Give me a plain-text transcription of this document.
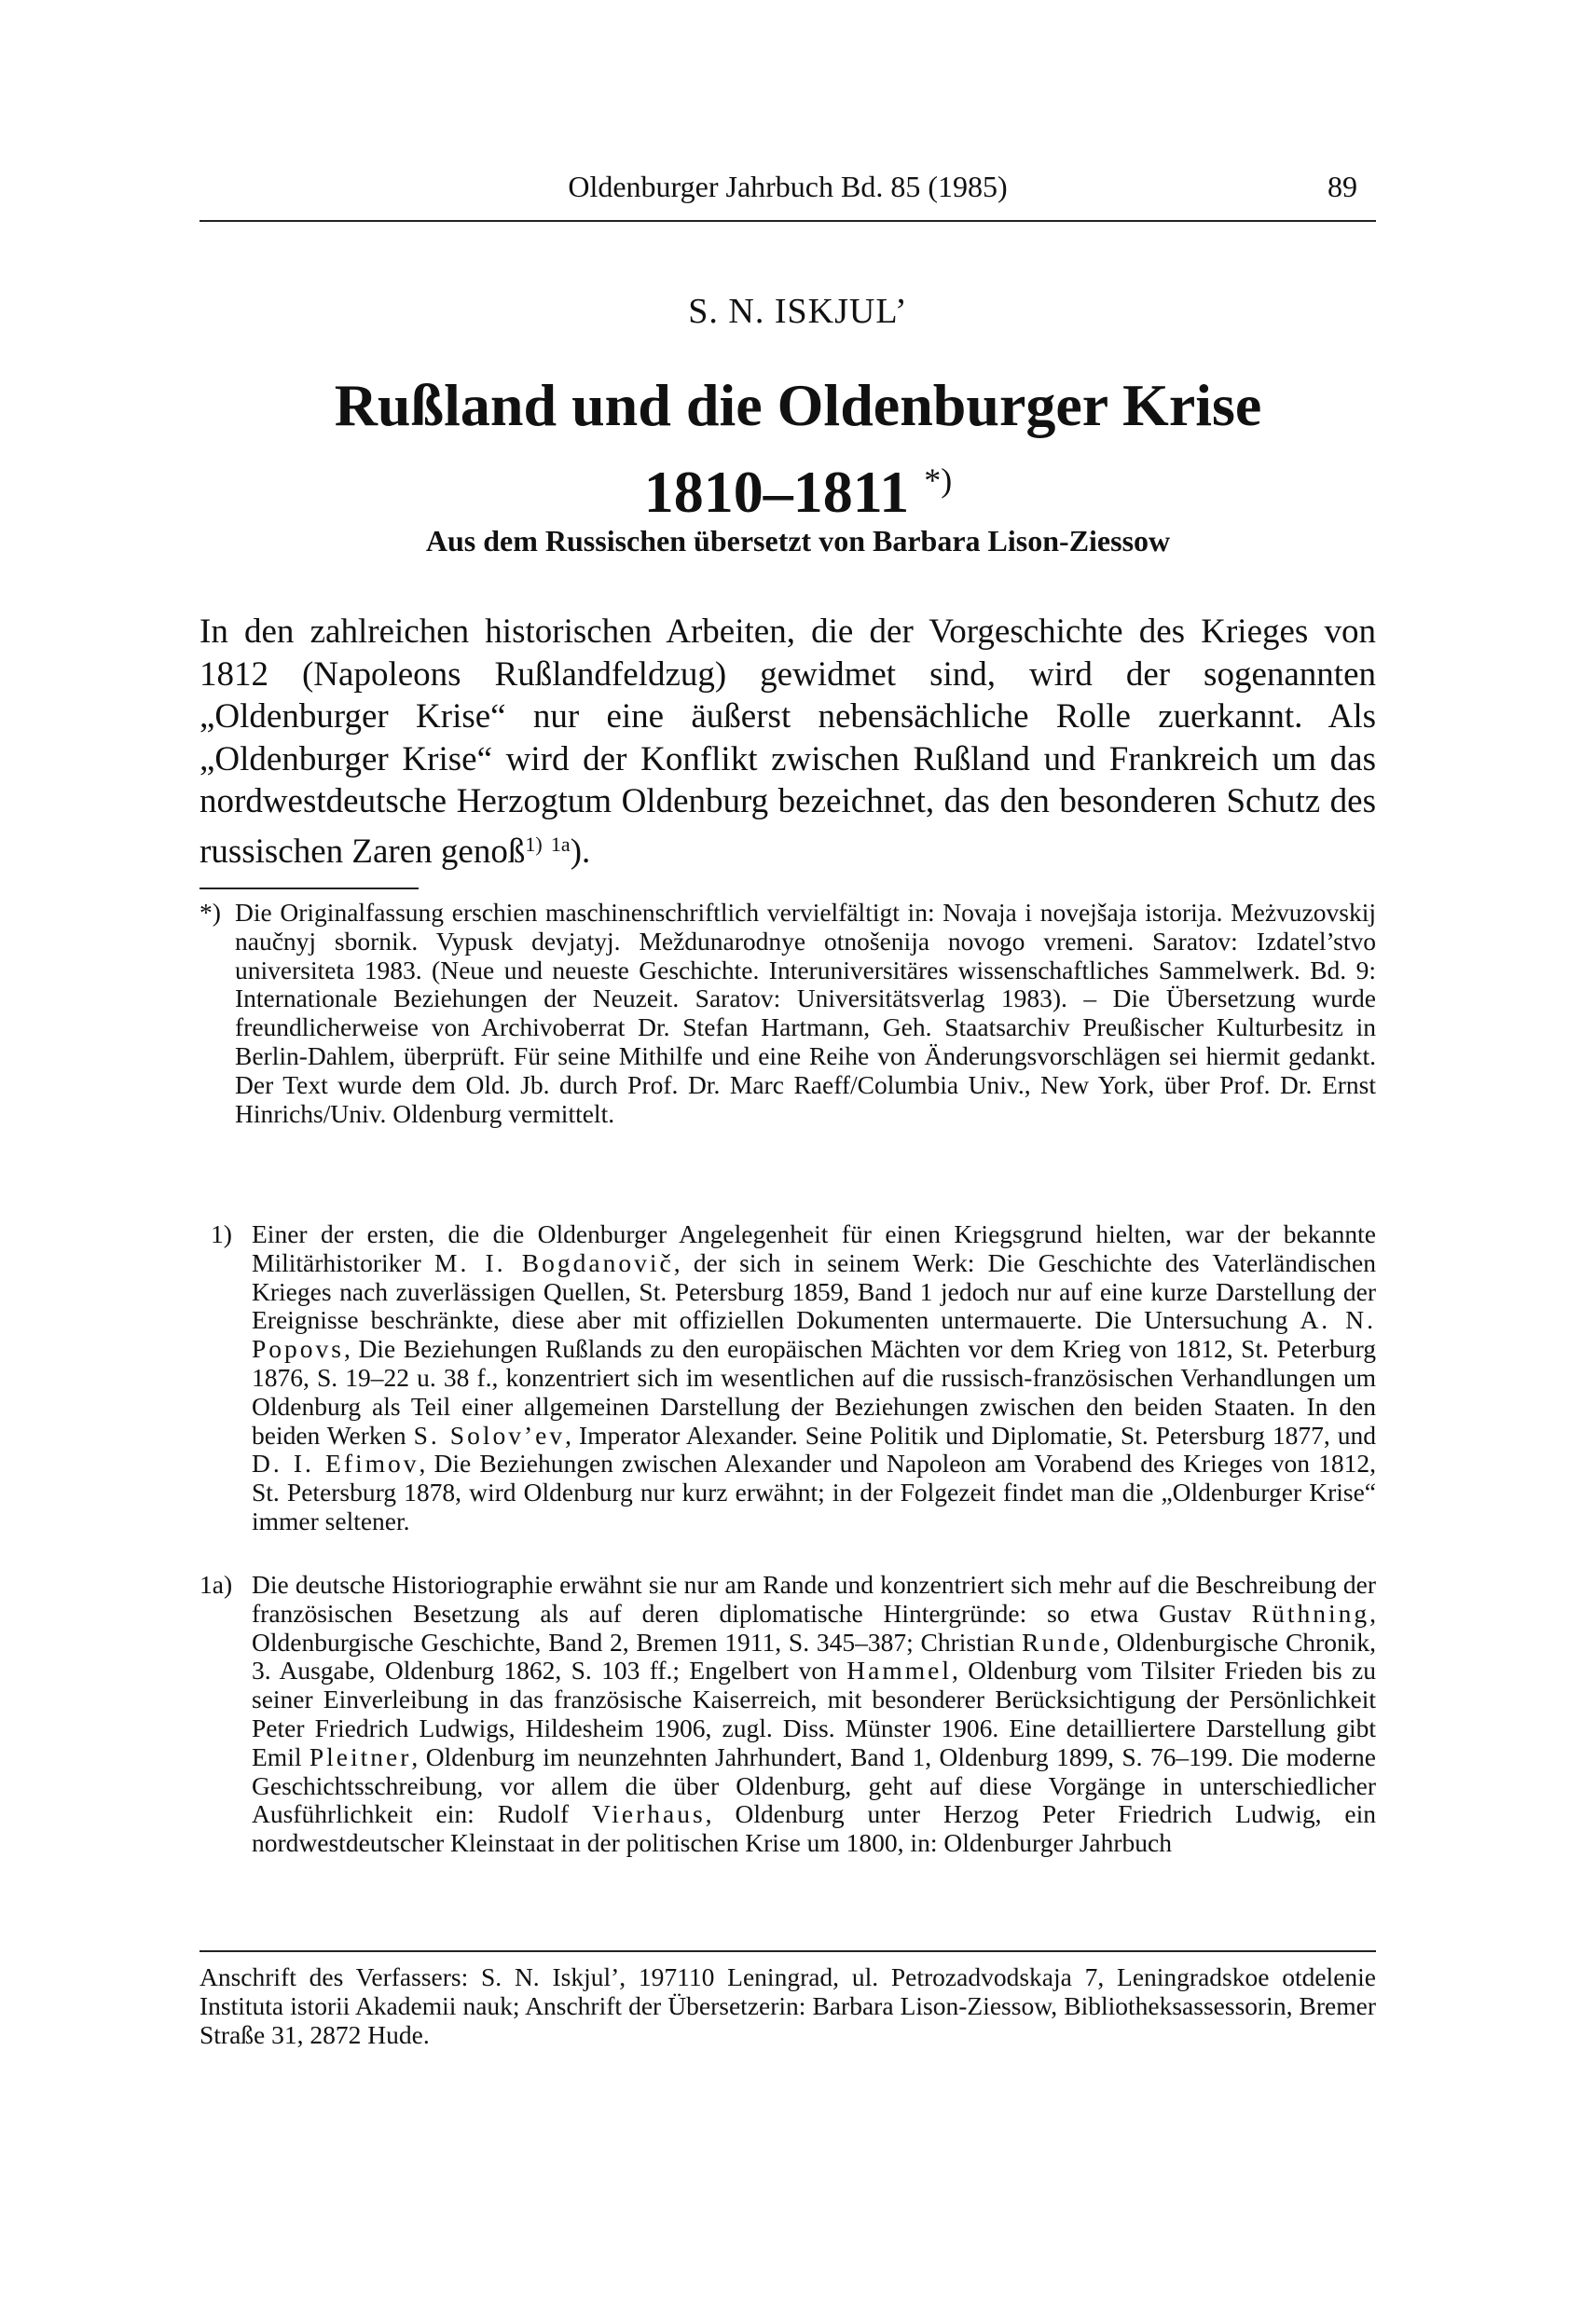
Oldenburger Jahrbuch Bd. 85 (1985)	89
S. N. ISKJUL’
Rußland und die Oldenburger Krise
1810–1811 *)
Aus dem Russischen übersetzt von Barbara Lison-Ziessow

In den zahlreichen historischen Arbeiten, die der Vorgeschichte des Krieges von 1812 (Napoleons Rußlandfeldzug) gewidmet sind, wird der sogenannten „Oldenburger Krise“ nur eine äußerst nebensächliche Rolle zuerkannt. Als „Oldenburger Krise“ wird der Konflikt zwischen Rußland und Frankreich um das nordwestdeutsche Herzogtum Oldenburg bezeichnet, das den besonderen Schutz des russischen Zaren genoß$^{1)}$ $^{1a}$).

*) Die Originalfassung erschien maschinenschriftlich vervielfältigt in: Novaja i novejšaja istorija. Meżvuzovskij naučnyj sbornik. Vypusk devjatyj. Meždunarodnye otnošenija novogo vremeni. Saratov: Izdatel’stvo universiteta 1983. (Neue und neueste Geschichte. Interuniversitäres wissenschaftliches Sammelwerk. Bd. 9: Internationale Beziehungen der Neuzeit. Saratov: Universitätsverlag 1983). – Die Übersetzung wurde freundlicherweise von Archivoberrat Dr. Stefan Hartmann, Geh. Staatsarchiv Preußischer Kulturbesitz in Berlin-Dahlem, überprüft. Für seine Mithilfe und eine Reihe von Änderungsvorschlägen sei hiermit gedankt. Der Text wurde dem Old. Jb. durch Prof. Dr. Marc Raeff/Columbia Univ., New York, über Prof. Dr. Ernst Hinrichs/Univ. Oldenburg vermittelt.

1) Einer der ersten, die die Oldenburger Angelegenheit für einen Kriegsgrund hielten, war der bekannte Militärhistoriker M. I. Bogdanovič, der sich in seinem Werk: Die Geschichte des Vaterländischen Krieges nach zuverlässigen Quellen, St. Petersburg 1859, Band 1 jedoch nur auf eine kurze Darstellung der Ereignisse beschränkte, diese aber mit offiziellen Dokumenten untermauerte. Die Untersuchung A. N. Popovs, Die Beziehungen Rußlands zu den europäischen Mächten vor dem Krieg von 1812, St. Peterburg 1876, S. 19–22 u. 38 f., konzentriert sich im wesentlichen auf die russisch-französischen Verhandlungen um Oldenburg als Teil einer allgemeinen Darstellung der Beziehungen zwischen den beiden Staaten. In den beiden Werken S. Solov’ev, Imperator Alexander. Seine Politik und Diplomatie, St. Petersburg 1877, und D. I. Efimov, Die Beziehungen zwischen Alexander und Napoleon am Vorabend des Krieges von 1812, St. Petersburg 1878, wird Oldenburg nur kurz erwähnt; in der Folgezeit findet man die „Oldenburger Krise“ immer seltener.

1a) Die deutsche Historiographie erwähnt sie nur am Rande und konzentriert sich mehr auf die Beschreibung der französischen Besetzung als auf deren diplomatische Hintergründe: so etwa Gustav Rüthning, Oldenburgische Geschichte, Band 2, Bremen 1911, S. 345–387; Christian Runde, Oldenburgische Chronik, 3. Ausgabe, Oldenburg 1862, S. 103 ff.; Engelbert von Hammel, Oldenburg vom Tilsiter Frieden bis zu seiner Einverleibung in das französische Kaiserreich, mit besonderer Berücksichtigung der Persönlichkeit Peter Friedrich Ludwigs, Hildesheim 1906, zugl. Diss. Münster 1906. Eine detailliertere Darstellung gibt Emil Pleitner, Oldenburg im neunzehnten Jahrhundert, Band 1, Oldenburg 1899, S. 76–199. Die moderne Geschichtsschreibung, vor allem die über Oldenburg, geht auf diese Vorgänge in unterschiedlicher Ausführlichkeit ein: Rudolf Vierhaus, Oldenburg unter Herzog Peter Friedrich Ludwig, ein nordwestdeutscher Kleinstaat in der politischen Krise um 1800, in: Oldenburger Jahrbuch

Anschrift des Verfassers: S. N. Iskjul’, 197110 Leningrad, ul. Petrozadvodskaja 7, Leningradskoe otdelenie Instituta istorii Akademii nauk; Anschrift der Übersetzerin: Barbara Lison-Ziessow, Bibliotheksassessorin, Bremer Straße 31, 2872 Hude.
